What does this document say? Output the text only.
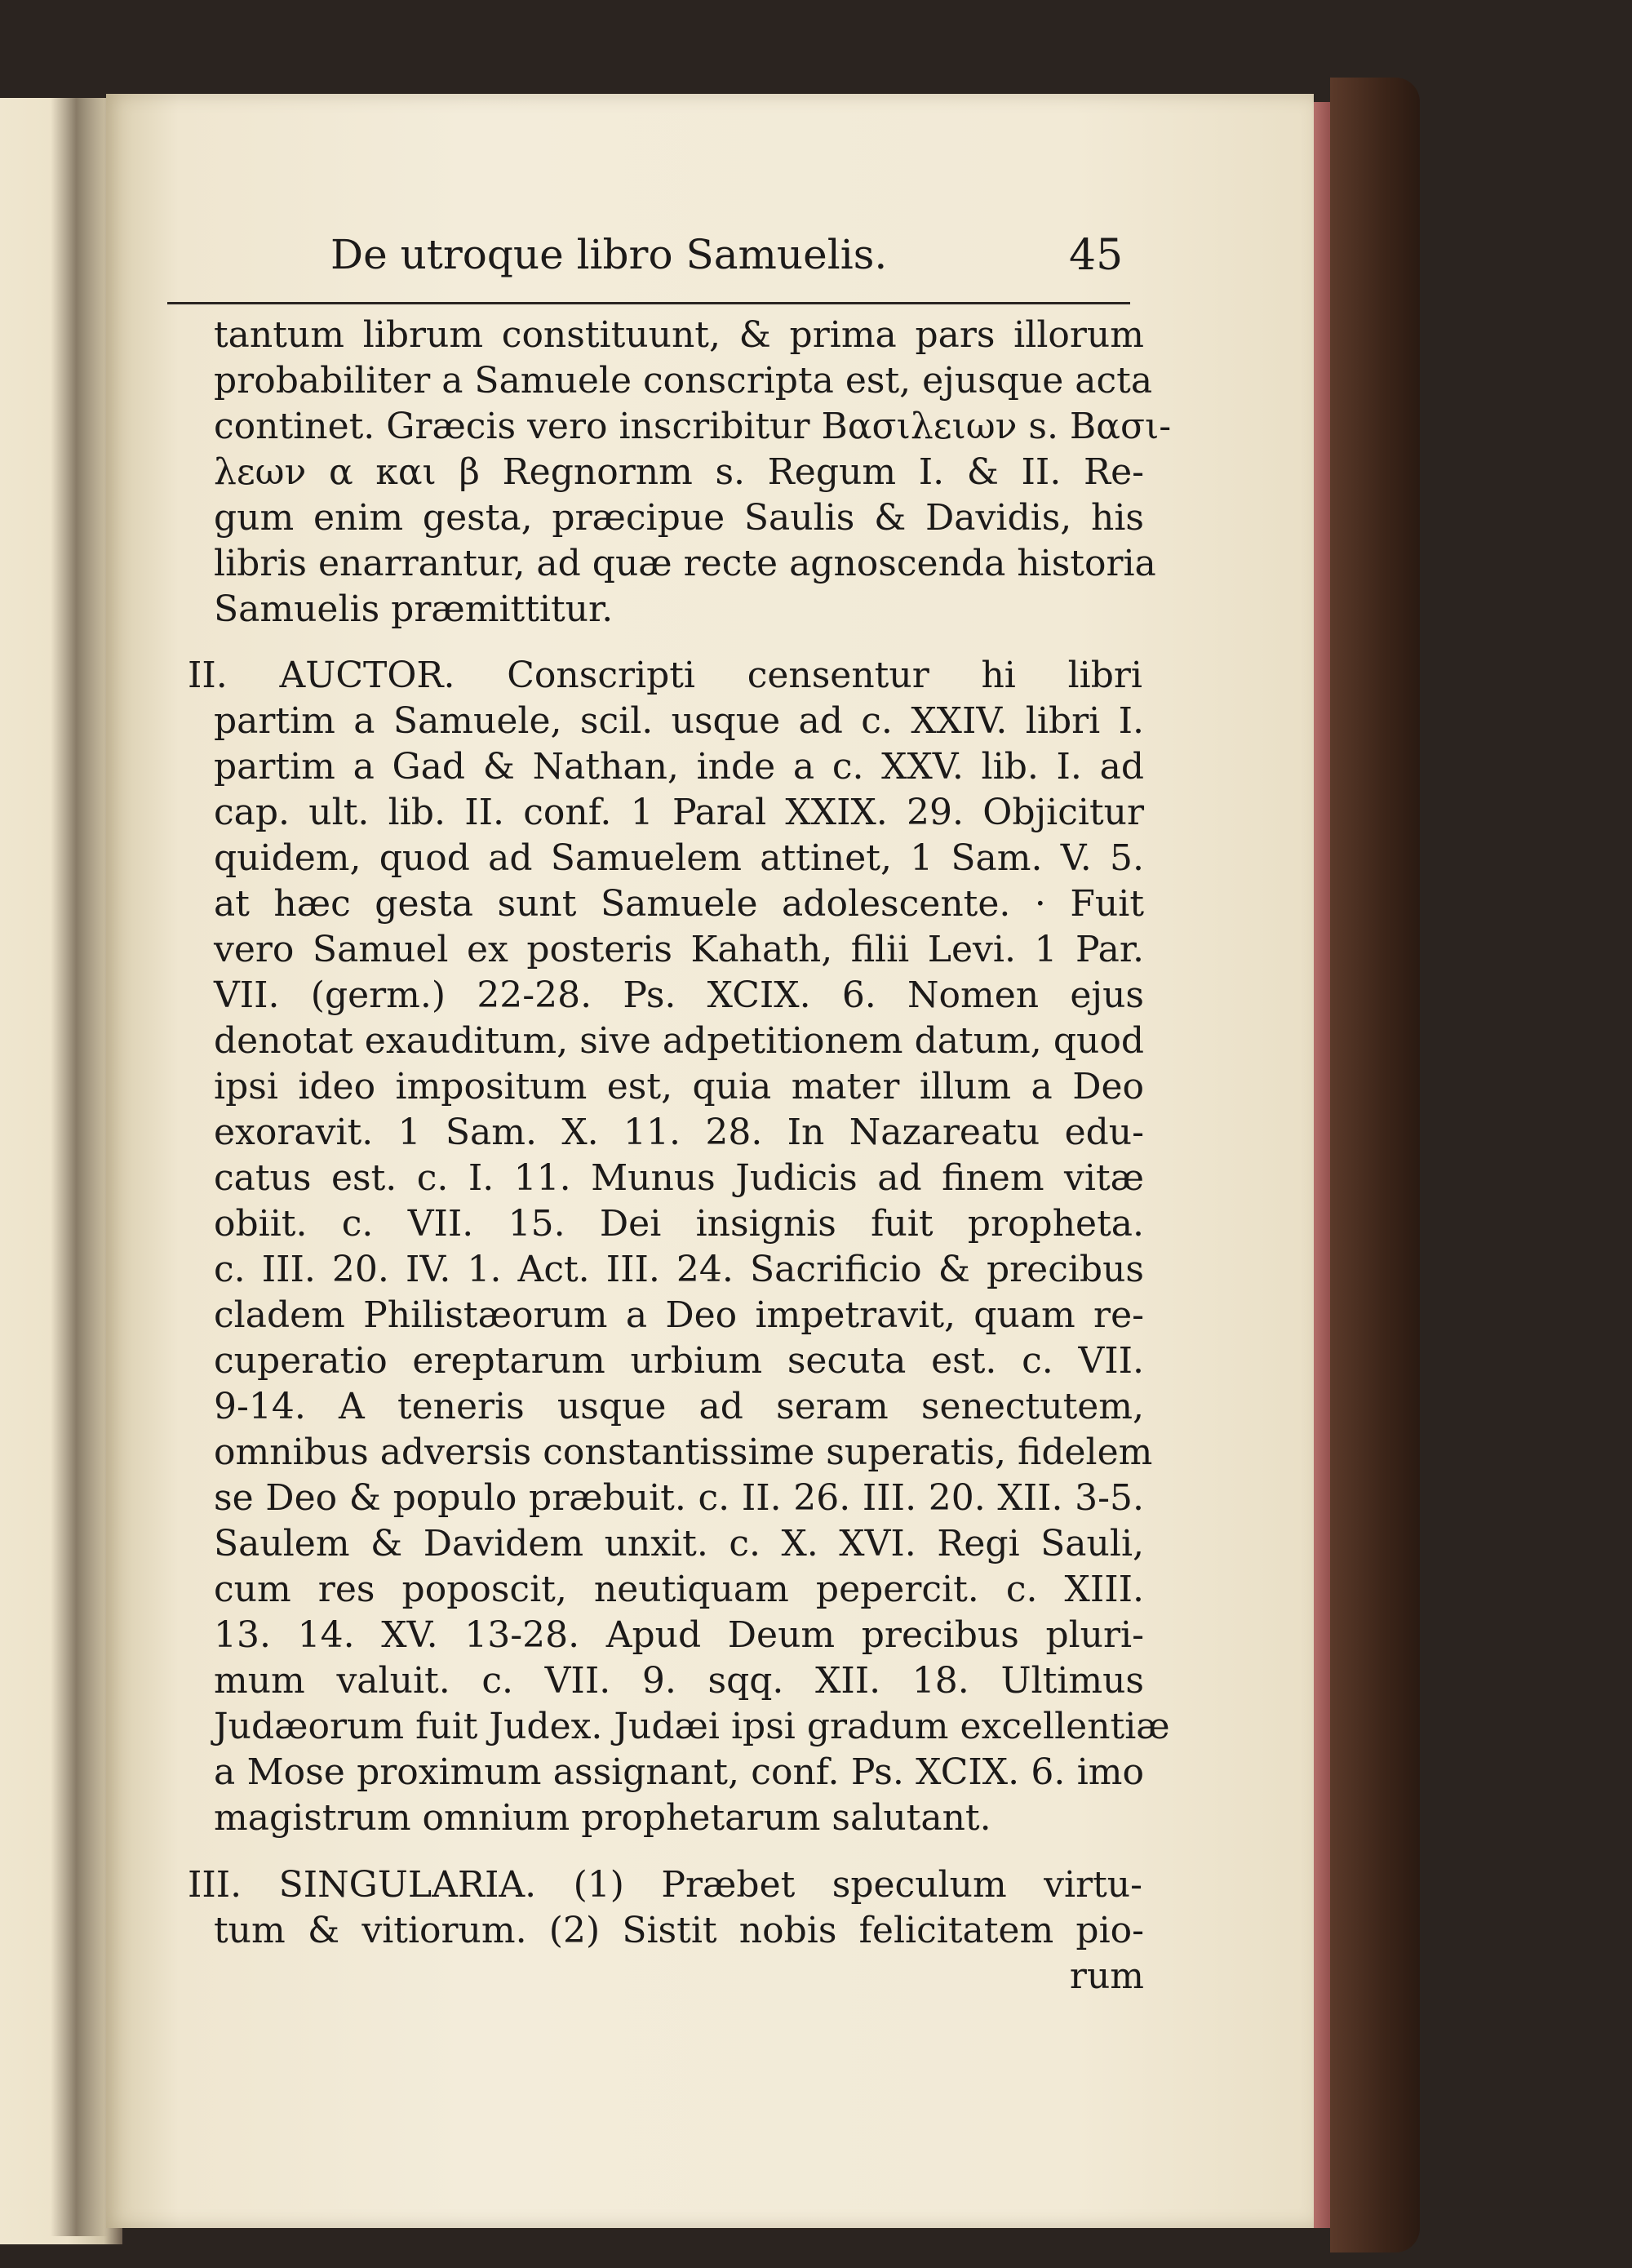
De utroque libro Samuelis.	45

tantum librum constituunt, & prima pars illorum

probabiliter a Samuele conscripta est, ejusque acta

continet. Græcis vero inscribitur Βασιλειων s. Βασι-

λεων α και β Regnornm s. Regum I. & II. Re-

gum enim gesta, præcipue Saulis & Davidis, his

libris enarrantur, ad quæ recte agnoscenda historia

Samuelis præmittitur.

II. AUCTOR. Conscripti censentur hi libri

partim a Samuele, scil. usque ad c. XXIV. libri I.

partim a Gad & Nathan, inde a c. XXV. lib. I. ad

cap. ult. lib. II. conf. 1 Paral XXIX. 29. Objicitur

quidem, quod ad Samuelem attinet, 1 Sam. V. 5.

at hæc gesta sunt Samuele adolescente. · Fuit

vero Samuel ex posteris Kahath, filii Levi. 1 Par.

VII. (germ.) 22-28. Ps. XCIX. 6. Nomen ejus

denotat exauditum, sive adpetitionem datum, quod

ipsi ideo impositum est, quia mater illum a Deo

exoravit. 1 Sam. X. 11. 28. In Nazareatu edu-

catus est. c. I. 11. Munus Judicis ad finem vitæ

obiit. c. VII. 15. Dei insignis fuit propheta.

c. III. 20. IV. 1. Act. III. 24. Sacrificio & precibus

cladem Philistæorum a Deo impetravit, quam re-

cuperatio ereptarum urbium secuta est. c. VII.

9-14. A teneris usque ad seram senectutem,

omnibus adversis constantissime superatis, fidelem

se Deo & populo præbuit. c. II. 26. III. 20. XII. 3-5.

Saulem & Davidem unxit. c. X. XVI. Regi Sauli,

cum res poposcit, neutiquam pepercit. c. XIII.

13. 14. XV. 13-28. Apud Deum precibus pluri-

mum valuit. c. VII. 9. sqq. XII. 18. Ultimus

Judæorum fuit Judex. Judæi ipsi gradum excellentiæ

a Mose proximum assignant, conf. Ps. XCIX. 6. imo

magistrum omnium prophetarum salutant.

III. SINGULARIA. (1) Præbet speculum virtu-

tum & vitiorum. (2) Sistit nobis felicitatem pio-

rum
